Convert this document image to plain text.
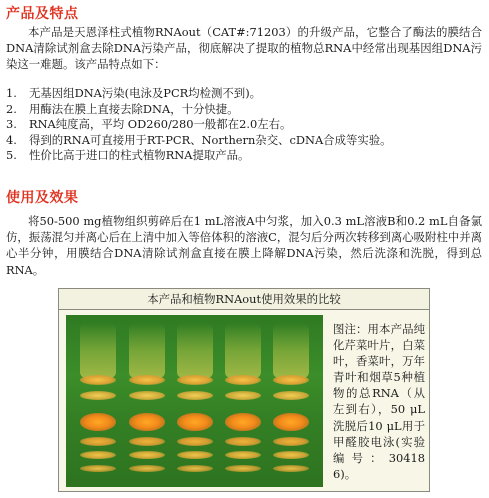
产品及特点

本产品是天恩泽柱式植物RNAout（CAT#:71203）的升级产品，它整合了酶法的膜结合DNA清除试剂盒去除DNA污染产品，彻底解决了提取的植物总RNA中经常出现基因组DNA污染这一难题。该产品特点如下：

1.	无基因组DNA污染(电泳及PCR均检测不到)。
2.	用酶法在膜上直接去除DNA，十分快捷。
3.	RNA纯度高，平均 OD260/280一般都在2.0左右。
4.	得到的RNA可直接用于RT-PCR、Northern杂交、cDNA合成等实验。
5.	性价比高于进口的柱式植物RNA提取产品。
使用及效果

将50-500 mg植物组织剪碎后在1 mL溶液A中匀浆，加入0.3 mL溶液B和0.2 mL自备氯仿，振荡混匀并离心后在上清中加入等倍体积的溶液C，混匀后分两次转移到离心吸附柱中并离心半分钟，用膜结合DNA清除试剂盒直接在膜上降解DNA污染，然后洗涤和洗脱，得到总RNA。

本产品和植物RNAout使用效果的比较
图注：用本产品纯化芹菜叶片，白菜叶，香菜叶，万年青叶和烟草5种植物的总RNA（从左到右），50 μL洗脱后10 μL用于甲醛胶电泳(实验编号：304186)。
